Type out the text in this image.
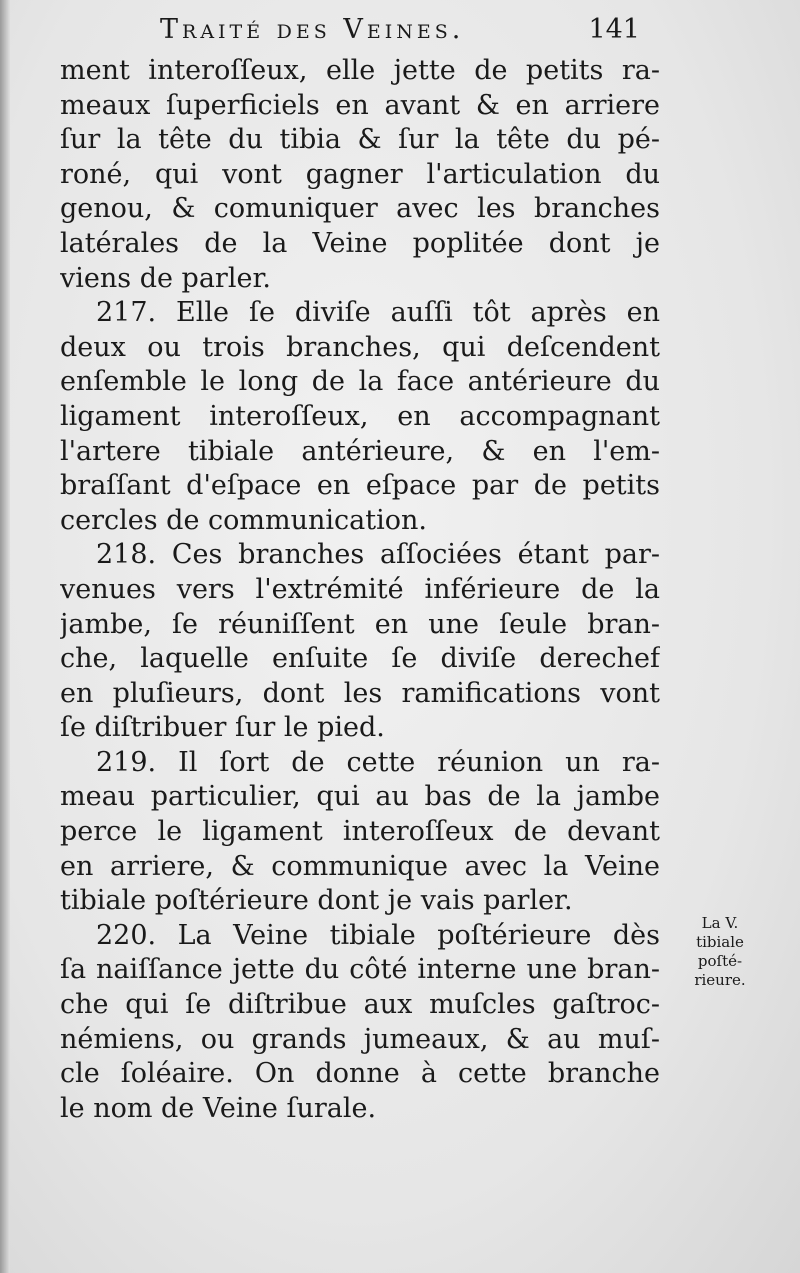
Traité des Veines.	141
ment interoſſeux, elle jette de petits ra-
meaux ſuperficiels en avant & en arriere
ſur la tête du tibia & ſur la tête du pé-
roné, qui vont gagner l'articulation du
genou, & comuniquer avec les branches
latérales de la Veine poplitée dont je
viens de parler.
217. Elle ſe diviſe auſſi tôt après en
deux ou trois branches, qui deſcendent
enſemble le long de la face antérieure du
ligament interoſſeux, en accompagnant
l'artere tibiale antérieure, & en l'em-
braſſant d'eſpace en eſpace par de petits
cercles de communication.
218. Ces branches aſſociées étant par-
venues vers l'extrémité inférieure de la
jambe, ſe réuniſſent en une ſeule bran-
che, laquelle enſuite ſe diviſe derechef
en pluſieurs, dont les ramifications vont
ſe diſtribuer ſur le pied.
219. Il ſort de cette réunion un ra-
meau particulier, qui au bas de la jambe
perce le ligament interoſſeux de devant
en arriere, & communique avec la Veine
tibiale poſtérieure dont je vais parler.
220. La Veine tibiale poſtérieure dès
ſa naiſſance jette du côté interne une bran-
che qui ſe diſtribue aux muſcles gaſtroc-
némiens, ou grands jumeaux, & au muſ-
cle ſoléaire. On donne à cette branche
le nom de Veine ſurale.
La V.
tibiale
poſté-
rieure.
